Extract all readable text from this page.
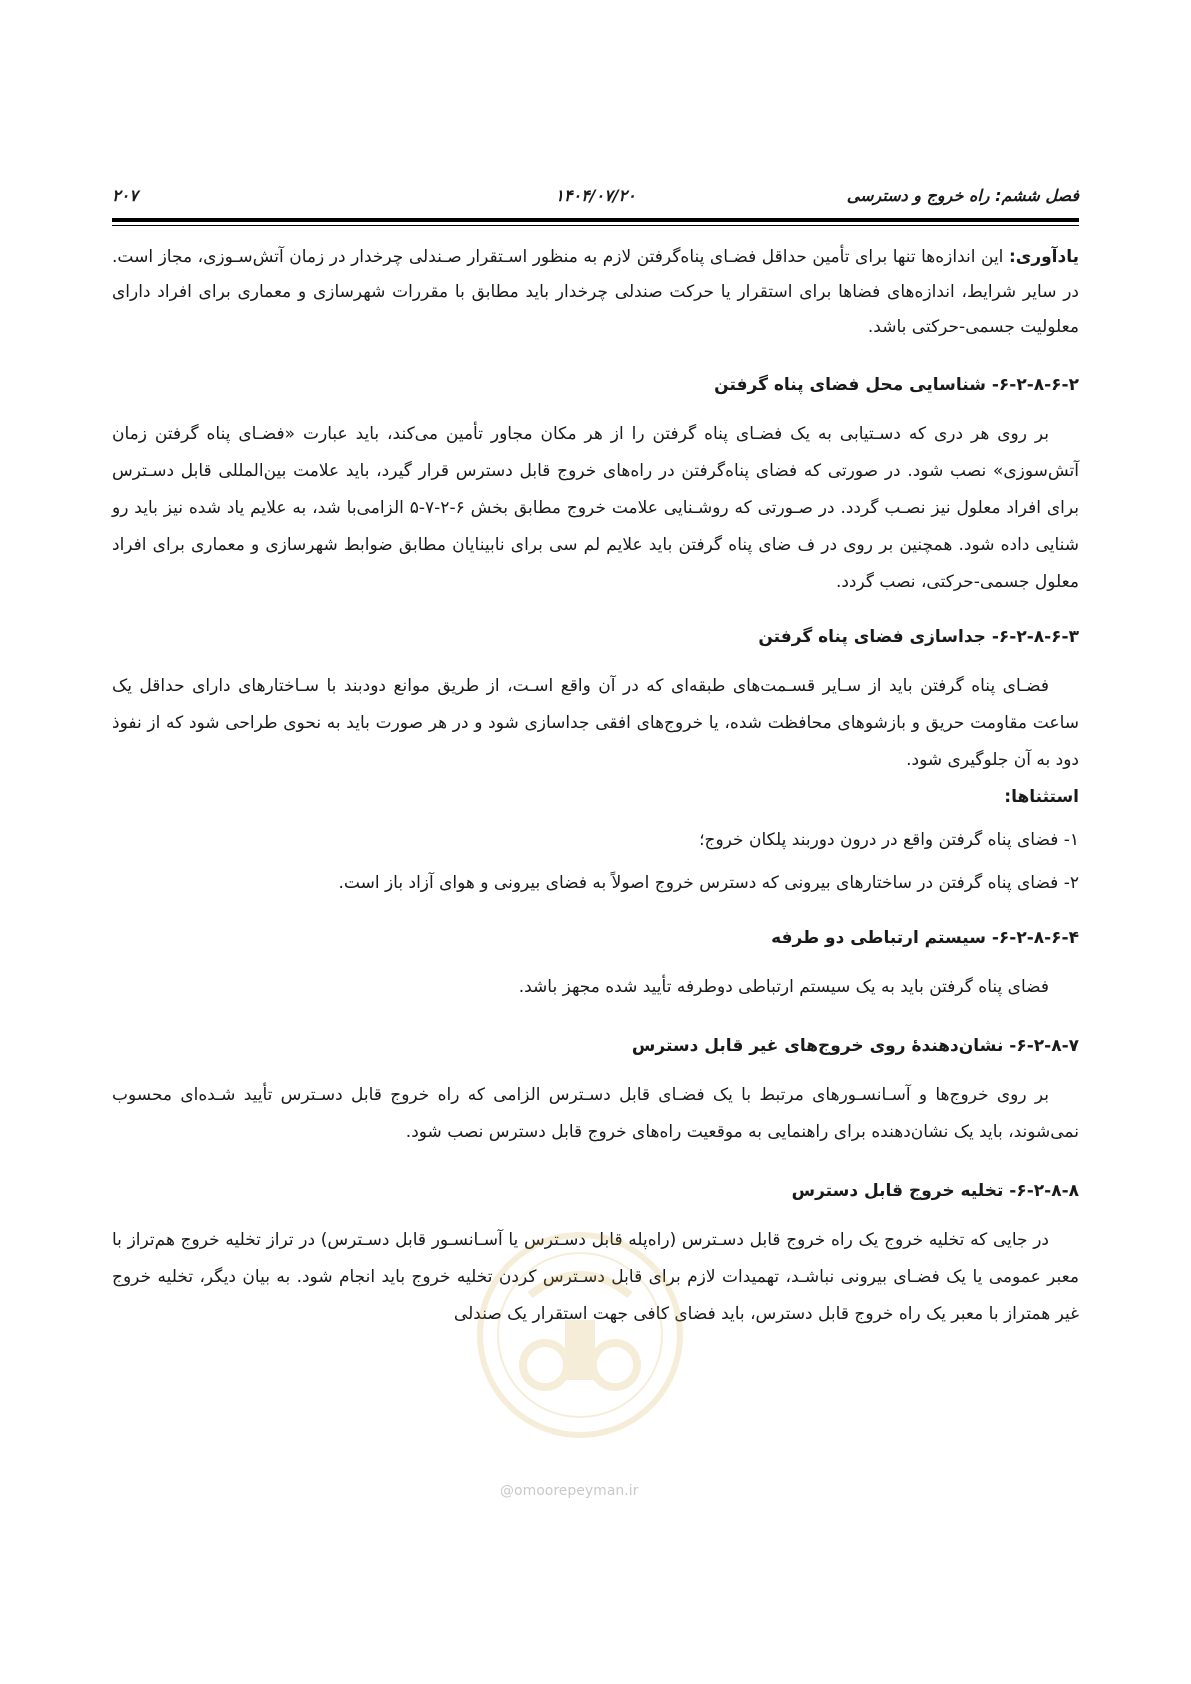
فصل ششم: راه خروج و دسترسی
۱۴۰۴/۰۷/۲۰
۲۰۷

یادآوری: این اندازه‌ها تنها برای تأمین حداقل فضـای پناه‌گرفتن لازم به منظور اسـتقرار صـندلی چرخدار در زمان آتش‌سـوزی، مجاز است. در سایر شرایط، اندازه‌های فضاها برای استقرار یا حرکت صندلی چرخدار باید مطابق با مقررات شهرسازی و معماری برای افراد دارای معلولیت جسمی-حرکتی باشد.

۶-۲-۸-۶-۲- شناسایی محل فضای پناه گرفتن

بر روی هر دری که دسـتیابی به یک فضـای پناه گرفتن را از هر مکان مجاور تأمین می‌کند، باید عبارت «فضـای پناه گرفتن زمان آتش‌سوزی» نصب شود. در صورتی که فضای پناه‌گرفتن در راه‌های خروج قابل دسترس قرار گیرد، باید علامت بین‌المللی قابل دسـترس برای افراد معلول نیز نصـب گردد. در صـورتی که روشـنایی علامت خروج مطابق بخش ۶-۲-۷-۵ الزامی‌با شد، به علایم یاد شده نیز باید رو شنایی داده شود. همچنین بر روی در ف ضای پناه گرفتن باید علایم لم سی برای نابینایان مطابق ضوابط شهرسازی و معماری برای افراد معلول جسمی-حرکتی، نصب گردد.

۶-۲-۸-۶-۳- جداسازی فضای پناه گرفتن

فضـای پناه گرفتن باید از سـایر قسـمت‌های طبقه‌ای که در آن واقع اسـت، از طریق موانع دودبند با سـاختارهای دارای حداقل یک ساعت مقاومت حریق و بازشوهای محافظت شده، یا خروج‌های افقی جداسازی شود و در هر صورت باید به نحوی طراحی شود که از نفوذ دود به آن جلوگیری شود.

استثناها:

۱- فضای پناه گرفتن واقع در درون دوربند پلکان خروج؛

۲- فضای پناه گرفتن در ساختارهای بیرونی که دسترس خروج اصولاً به فضای بیرونی و هوای آزاد باز است.

۶-۲-۸-۶-۴- سیستم ارتباطی دو طرفه

فضای پناه گرفتن باید به یک سیستم ارتباطی دوطرفه تأیید شده مجهز باشد.

۶-۲-۸-۷- نشان‌دهندهٔ روی خروج‌های غیر قابل دسترس

بر روی خروج‌ها و آسـانسـورهای مرتبط با یک فضـای قابل دسـترس الزامی که راه خروج قابل دسـترس تأیید شـده‌ای محسوب نمی‌شوند، باید یک نشان‌دهنده برای راهنمایی به موقعیت راه‌های خروج قابل دسترس نصب شود.

۶-۲-۸-۸- تخلیه خروج قابل دسترس

در جایی که تخلیه خروج یک راه خروج قابل دسـترس (راه‌پله قابل دسـترس یا آسـانسـور قابل دسـترس) در تراز تخلیه خروج هم‌تراز با معبر عمومی یا یک فضـای بیرونی نباشـد، تهمیدات لازم برای قابل دسـترس کردن تخلیه خروج باید انجام شود. به بیان دیگر، تخلیه خروج غیر همتراز با معبر یک راه خروج قابل دسترس، باید فضای کافی جهت استقرار یک صندلی

@omoorepeyman.ir
